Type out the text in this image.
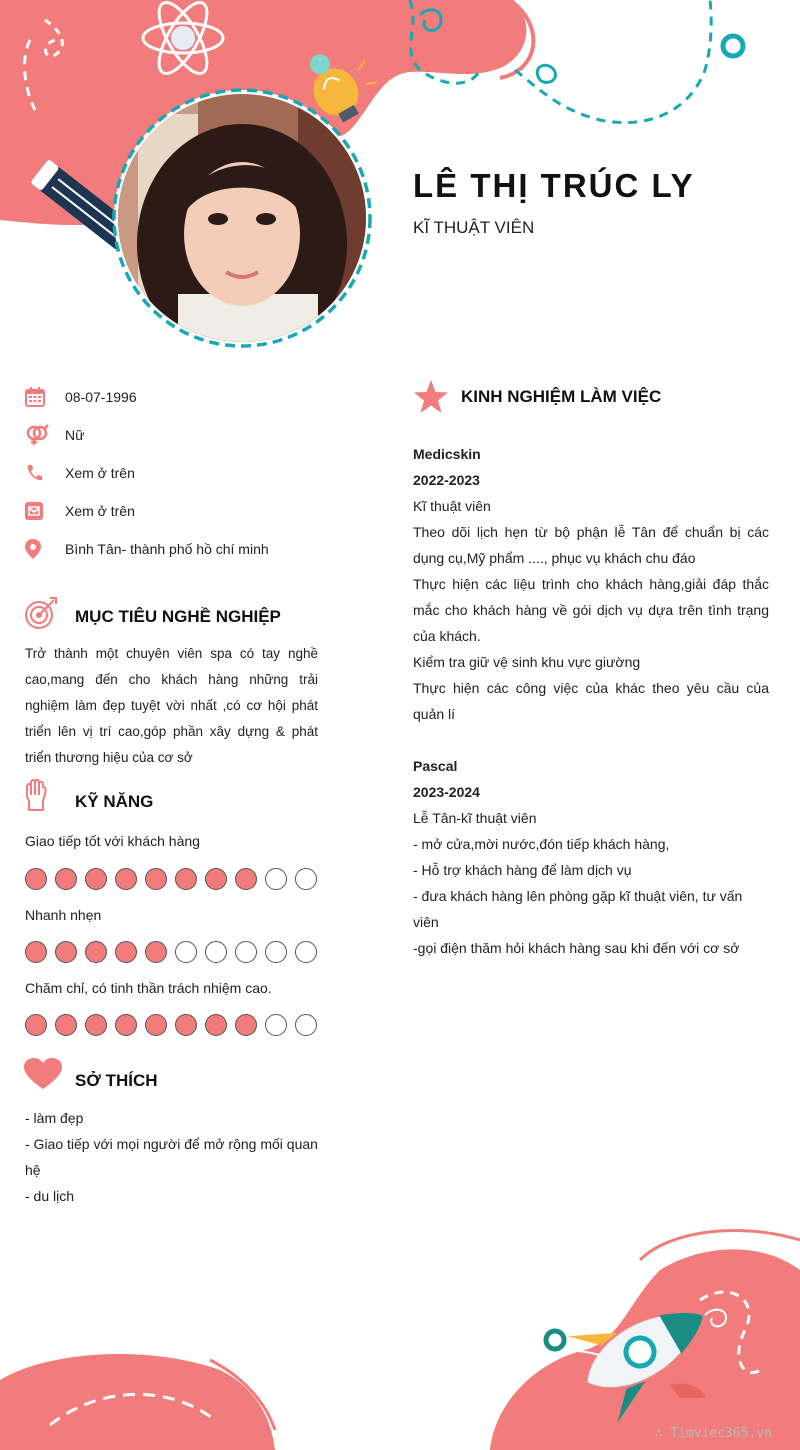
LÊ THỊ TRÚC LY
KĨ THUẬT VIÊN
08-07-1996
Nữ
Xem ở trên
Xem ở trên
Bình Tân- thành phố hồ chí minh
MỤC TIÊU NGHỀ NGHIỆP
Trở thành một chuyên viên spa có tay nghề cao,mang đến cho khách hàng những trải nghiệm làm đẹp tuyệt vời nhất ,có cơ hội phát triển lên vị trí cao,góp phần xây dựng & phát triển thương hiệu của cơ sở
KỸ NĂNG
Giao tiếp tốt với khách hàng
Nhanh nhẹn
Chăm chỉ, có tinh thần trách nhiệm cao.
SỞ THÍCH
- làm đẹp
- Giao tiếp với mọi người để mở rộng mối quan
hệ
- du lịch
KINH NGHIỆM LÀM VIỆC
Medicskin
2022-2023
Kĩ thuật viên
Theo dõi lịch hẹn từ bộ phận lễ Tân để chuẩn bị các dụng cụ,Mỹ phẩm ...., phục vụ khách chu đáo
Thực hiện các liệu trình cho khách hàng,giải đáp thắc mắc cho khách hàng về gói dịch vụ dựa trên tình trạng của khách.
Kiểm tra giữ vệ sinh khu vực giường
Thực hiện các công việc của khác theo yêu cầu của quản lí
Pascal
2023-2024
Lễ Tân-kĩ thuật viên
- mở cửa,mời nước,đón tiếp khách hàng,
- Hỗ trợ khách hàng để làm dịch vụ
- đưa khách hàng lên phòng gặp kĩ thuật viên, tư vấn viên
-gọi điện thăm hỏi khách hàng sau khi đến với cơ sở
∴ Timviec365.vn
